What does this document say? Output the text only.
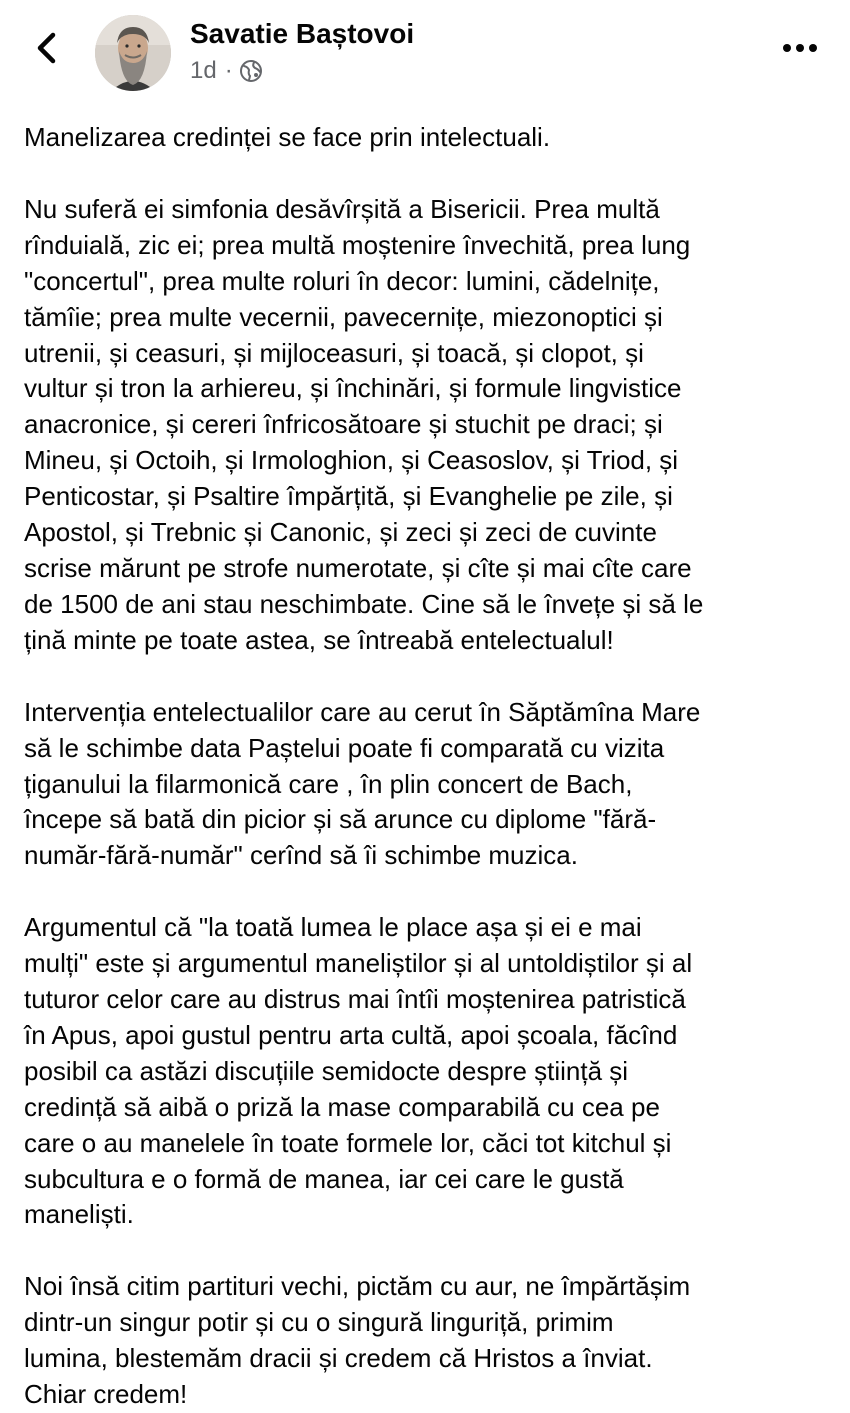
Savatie Baștovoi
1d ·

Manelizarea credinței se face prin intelectuali.

Nu suferă ei simfonia desăvîrșită a Bisericii. Prea multă
rînduială, zic ei; prea multă moștenire învechită, prea lung
"concertul", prea multe roluri în decor: lumini, cădelnițe,
tămîie; prea multe vecernii, pavecernițe, miezonoptici și
utrenii, și ceasuri, și mijloceasuri, și toacă, și clopot, și
vultur și tron la arhiereu, și închinări, și formule lingvistice
anacronice, și cereri înfricosătoare și stuchit pe draci; și
Mineu, și Octoih, și Irmologhion, și Ceasoslov, și Triod, și
Penticostar, și Psaltire împărțită, și Evanghelie pe zile, și
Apostol, și Trebnic și Canonic, și zeci și zeci de cuvinte
scrise mărunt pe strofe numerotate, și cîte și mai cîte care
de 1500 de ani stau neschimbate. Cine să le învețe și să le
țină minte pe toate astea, se întreabă entelectualul!

Intervenția entelectualilor care au cerut în Săptămîna Mare
să le schimbe data Paștelui poate fi comparată cu vizita
țiganului la filarmonică care , în plin concert de Bach,
începe să bată din picior și să arunce cu diplome "fără-
număr-fără-număr" cerînd să îi schimbe muzica.

Argumentul că "la toată lumea le place așa și ei e mai
mulți" este și argumentul maneliștilor și al untoldiștilor și al
tuturor celor care au distrus mai întîi moștenirea patristică
în Apus, apoi gustul pentru arta cultă, apoi școala, făcînd
posibil ca astăzi discuțiile semidocte despre știință și
credință să aibă o priză la mase comparabilă cu cea pe
care o au manelele în toate formele lor, căci tot kitchul și
subcultura e o formă de manea, iar cei care le gustă
maneliști.

Noi însă citim partituri vechi, pictăm cu aur, ne împărtășim
dintr-un singur potir și cu o singură linguriță, primim
lumina, blestemăm dracii și credem că Hristos a înviat.
Chiar credem!
